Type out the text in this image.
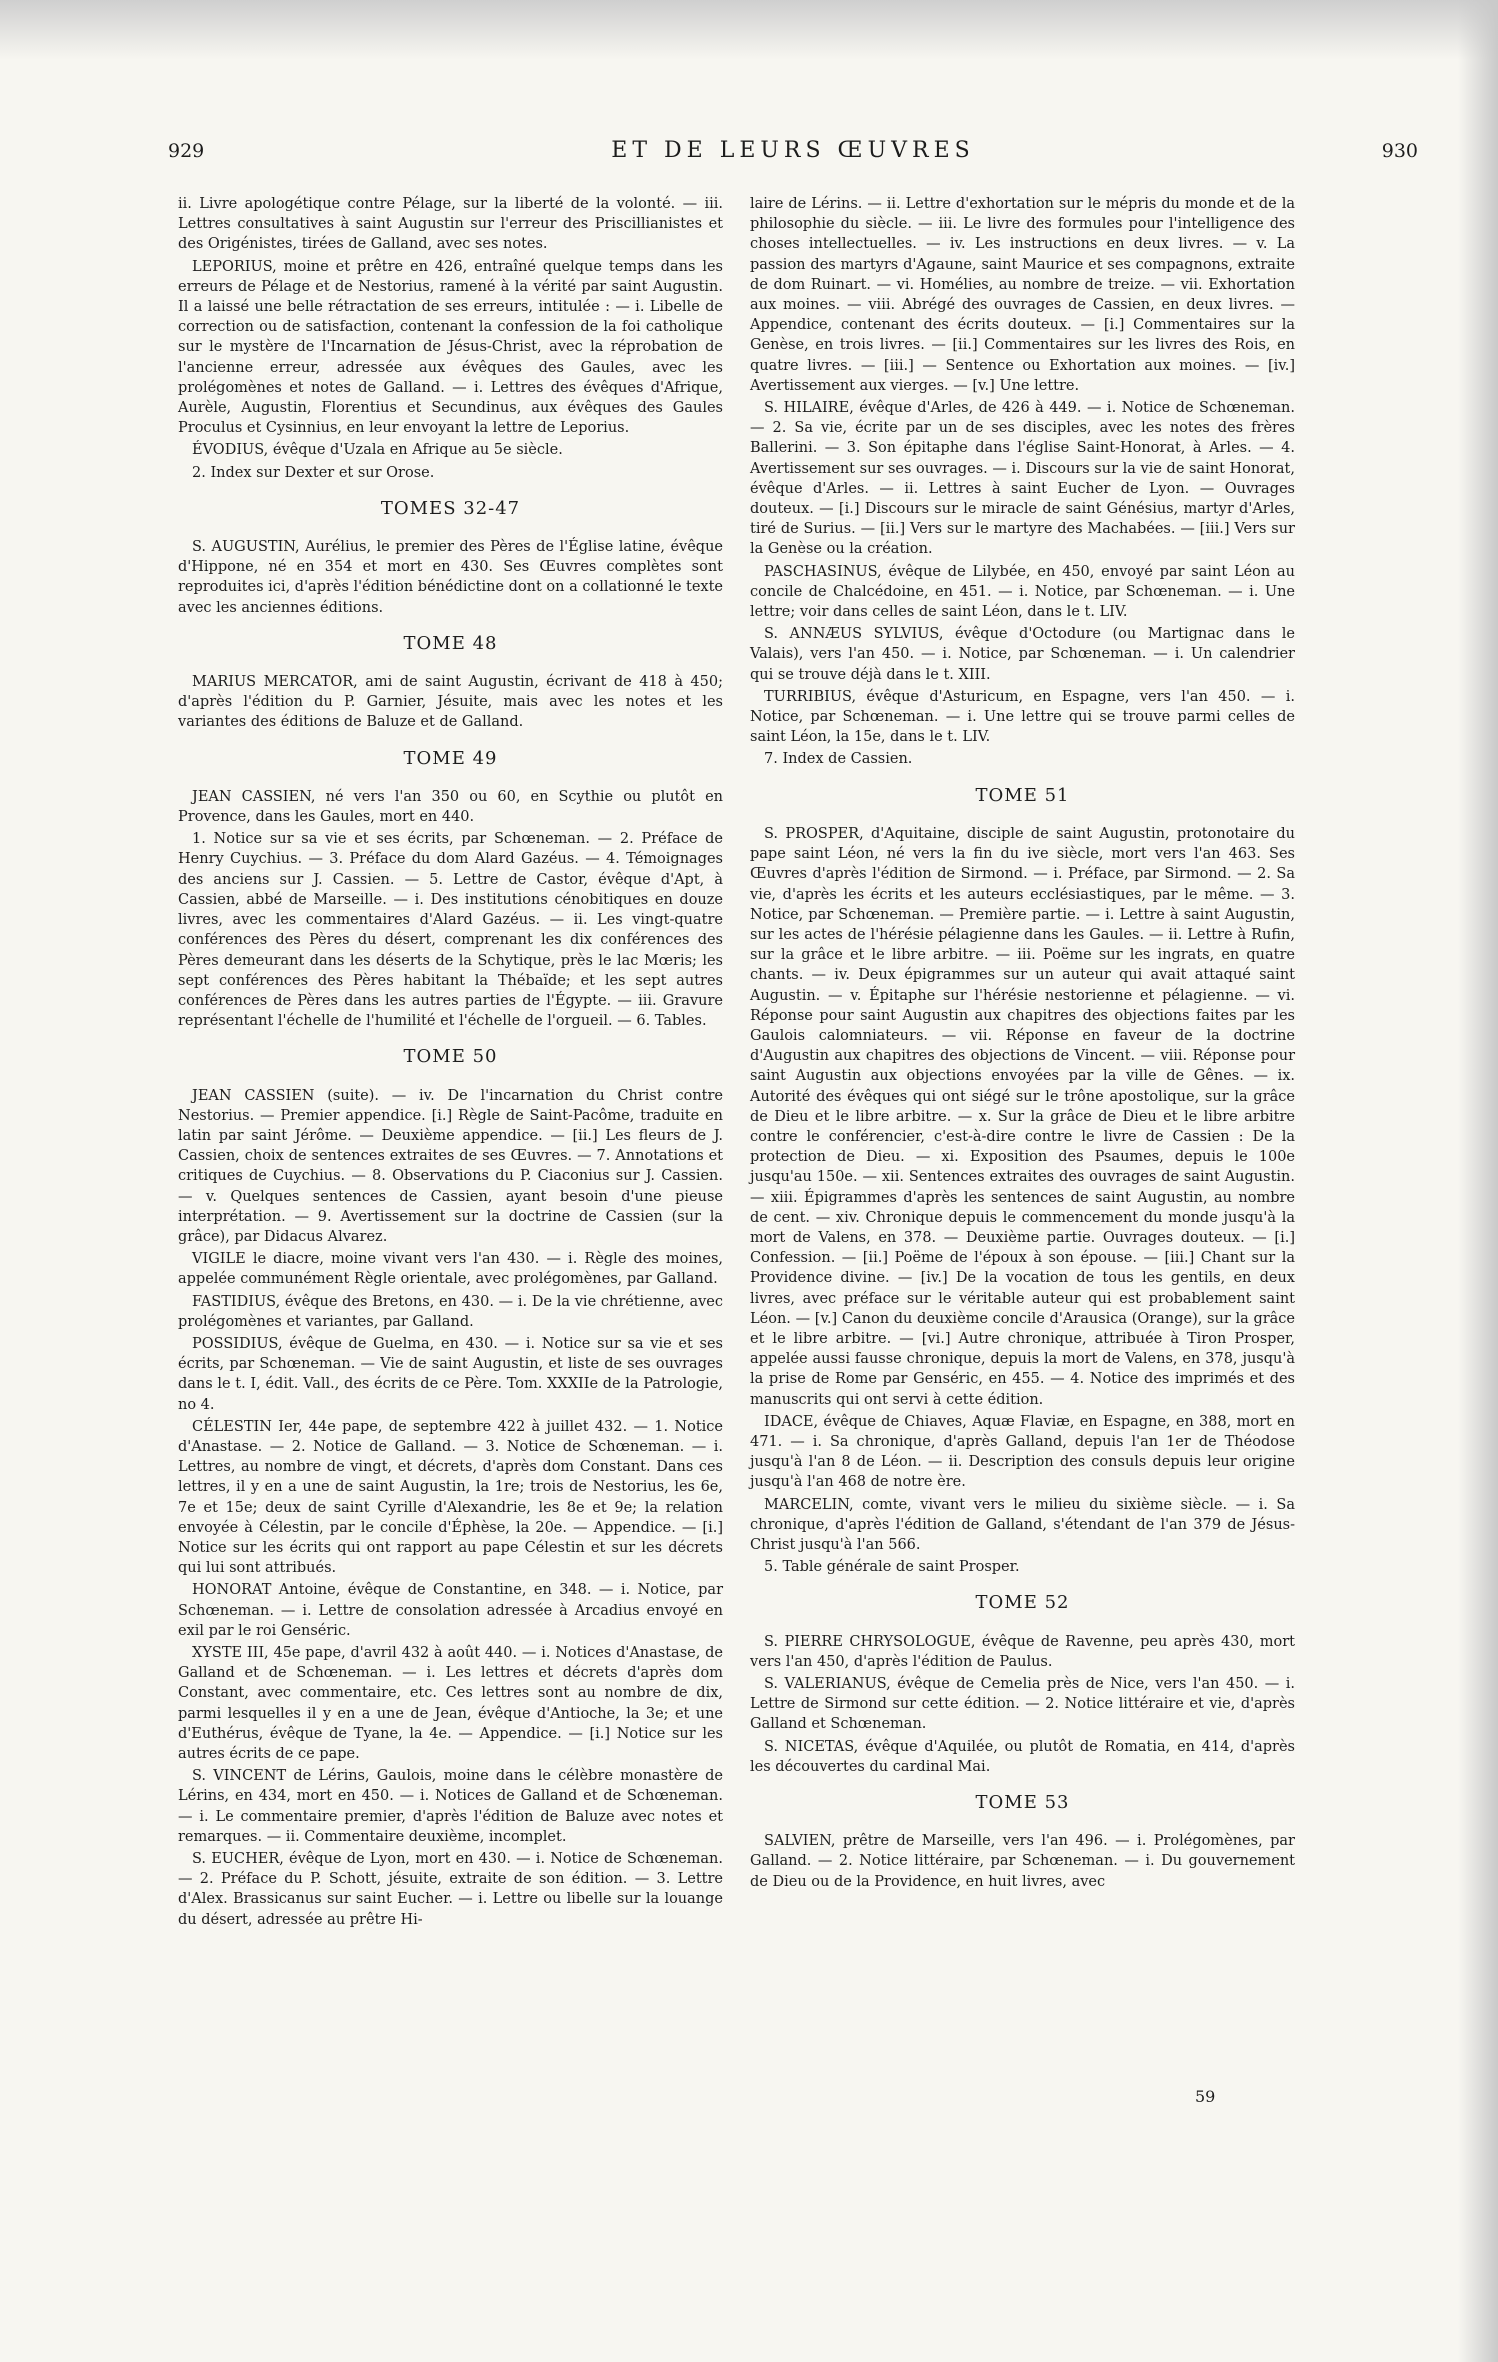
929	ET DE LEURS ŒUVRES	930

ii. Livre apologétique contre Pélage, sur la liberté de la volonté. — iii. Lettres consultatives à saint Augustin sur l'erreur des Priscillianistes et des Origénistes, tirées de Galland, avec ses notes.

LEPORIUS, moine et prêtre en 426, entraîné quelque temps dans les erreurs de Pélage et de Nestorius, ramené à la vérité par saint Augustin. Il a laissé une belle rétractation de ses erreurs, intitulée : — i. Libelle de correction ou de satisfaction, contenant la confession de la foi catholique sur le mystère de l'Incarnation de Jésus-Christ, avec la réprobation de l'ancienne erreur, adressée aux évêques des Gaules, avec les prolégomènes et notes de Galland. — i. Lettres des évêques d'Afrique, Aurèle, Augustin, Florentius et Secundinus, aux évêques des Gaules Proculus et Cysinnius, en leur envoyant la lettre de Leporius.

ÉVODIUS, évêque d'Uzala en Afrique au 5e siècle.

2. Index sur Dexter et sur Orose.

TOMES 32-47

S. AUGUSTIN, Aurélius, le premier des Pères de l'Église latine, évêque d'Hippone, né en 354 et mort en 430. Ses Œuvres complètes sont reproduites ici, d'après l'édition bénédictine dont on a collationné le texte avec les anciennes éditions.

TOME 48

MARIUS MERCATOR, ami de saint Augustin, écrivant de 418 à 450; d'après l'édition du P. Garnier, Jésuite, mais avec les notes et les variantes des éditions de Baluze et de Galland.

TOME 49

JEAN CASSIEN, né vers l'an 350 ou 60, en Scythie ou plutôt en Provence, dans les Gaules, mort en 440.

1. Notice sur sa vie et ses écrits, par Schœneman. — 2. Préface de Henry Cuychius. — 3. Préface du dom Alard Gazéus. — 4. Témoignages des anciens sur J. Cassien. — 5. Lettre de Castor, évêque d'Apt, à Cassien, abbé de Marseille. — i. Des institutions cénobitiques en douze livres, avec les commentaires d'Alard Gazéus. — ii. Les vingt-quatre conférences des Pères du désert, comprenant les dix conférences des Pères demeurant dans les déserts de la Schytique, près le lac Mœris; les sept conférences des Pères habitant la Thébaïde; et les sept autres conférences de Pères dans les autres parties de l'Égypte. — iii. Gravure représentant l'échelle de l'humilité et l'échelle de l'orgueil. — 6. Tables.

TOME 50

JEAN CASSIEN (suite). — iv. De l'incarnation du Christ contre Nestorius. — Premier appendice. [i.] Règle de Saint-Pacôme, traduite en latin par saint Jérôme. — Deuxième appendice. — [ii.] Les fleurs de J. Cassien, choix de sentences extraites de ses Œuvres. — 7. Annotations et critiques de Cuychius. — 8. Observations du P. Ciaconius sur J. Cassien. — v. Quelques sentences de Cassien, ayant besoin d'une pieuse interprétation. — 9. Avertissement sur la doctrine de Cassien (sur la grâce), par Didacus Alvarez.

VIGILE le diacre, moine vivant vers l'an 430. — i. Règle des moines, appelée communément Règle orientale, avec prolégomènes, par Galland.

FASTIDIUS, évêque des Bretons, en 430. — i. De la vie chrétienne, avec prolégomènes et variantes, par Galland.

POSSIDIUS, évêque de Guelma, en 430. — i. Notice sur sa vie et ses écrits, par Schœneman. — Vie de saint Augustin, et liste de ses ouvrages dans le t. I, édit. Vall., des écrits de ce Père. Tom. XXXIIe de la Patrologie, no 4.

CÉLESTIN Ier, 44e pape, de septembre 422 à juillet 432. — 1. Notice d'Anastase. — 2. Notice de Galland. — 3. Notice de Schœneman. — i. Lettres, au nombre de vingt, et décrets, d'après dom Constant. Dans ces lettres, il y en a une de saint Augustin, la 1re; trois de Nestorius, les 6e, 7e et 15e; deux de saint Cyrille d'Alexandrie, les 8e et 9e; la relation envoyée à Célestin, par le concile d'Éphèse, la 20e. — Appendice. — [i.] Notice sur les écrits qui ont rapport au pape Célestin et sur les décrets qui lui sont attribués.

HONORAT Antoine, évêque de Constantine, en 348. — i. Notice, par Schœneman. — i. Lettre de consolation adressée à Arcadius envoyé en exil par le roi Genséric.

XYSTE III, 45e pape, d'avril 432 à août 440. — i. Notices d'Anastase, de Galland et de Schœneman. — i. Les lettres et décrets d'après dom Constant, avec commentaire, etc. Ces lettres sont au nombre de dix, parmi lesquelles il y en a une de Jean, évêque d'Antioche, la 3e; et une d'Euthérus, évêque de Tyane, la 4e. — Appendice. — [i.] Notice sur les autres écrits de ce pape.

S. VINCENT de Lérins, Gaulois, moine dans le célèbre monastère de Lérins, en 434, mort en 450. — i. Notices de Galland et de Schœneman. — i. Le commentaire premier, d'après l'édition de Baluze avec notes et remarques. — ii. Commentaire deuxième, incomplet.

S. EUCHER, évêque de Lyon, mort en 430. — i. Notice de Schœneman. — 2. Préface du P. Schott, jésuite, extraite de son édition. — 3. Lettre d'Alex. Brassicanus sur saint Eucher. — i. Lettre ou libelle sur la louange du désert, adressée au prêtre Hi-

laire de Lérins. — ii. Lettre d'exhortation sur le mépris du monde et de la philosophie du siècle. — iii. Le livre des formules pour l'intelligence des choses intellectuelles. — iv. Les instructions en deux livres. — v. La passion des martyrs d'Agaune, saint Maurice et ses compagnons, extraite de dom Ruinart. — vi. Homélies, au nombre de treize. — vii. Exhortation aux moines. — viii. Abrégé des ouvrages de Cassien, en deux livres. — Appendice, contenant des écrits douteux. — [i.] Commentaires sur la Genèse, en trois livres. — [ii.] Commentaires sur les livres des Rois, en quatre livres. — [iii.] — Sentence ou Exhortation aux moines. — [iv.] Avertissement aux vierges. — [v.] Une lettre.

S. HILAIRE, évêque d'Arles, de 426 à 449. — i. Notice de Schœneman. — 2. Sa vie, écrite par un de ses disciples, avec les notes des frères Ballerini. — 3. Son épitaphe dans l'église Saint-Honorat, à Arles. — 4. Avertissement sur ses ouvrages. — i. Discours sur la vie de saint Honorat, évêque d'Arles. — ii. Lettres à saint Eucher de Lyon. — Ouvrages douteux. — [i.] Discours sur le miracle de saint Génésius, martyr d'Arles, tiré de Surius. — [ii.] Vers sur le martyre des Machabées. — [iii.] Vers sur la Genèse ou la création.

PASCHASINUS, évêque de Lilybée, en 450, envoyé par saint Léon au concile de Chalcédoine, en 451. — i. Notice, par Schœneman. — i. Une lettre; voir dans celles de saint Léon, dans le t. LIV.

S. ANNÆUS SYLVIUS, évêque d'Octodure (ou Martignac dans le Valais), vers l'an 450. — i. Notice, par Schœneman. — i. Un calendrier qui se trouve déjà dans le t. XIII.

TURRIBIUS, évêque d'Asturicum, en Espagne, vers l'an 450. — i. Notice, par Schœneman. — i. Une lettre qui se trouve parmi celles de saint Léon, la 15e, dans le t. LIV.

7. Index de Cassien.

TOME 51

S. PROSPER, d'Aquitaine, disciple de saint Augustin, protonotaire du pape saint Léon, né vers la fin du ive siècle, mort vers l'an 463. Ses Œuvres d'après l'édition de Sirmond. — i. Préface, par Sirmond. — 2. Sa vie, d'après les écrits et les auteurs ecclésiastiques, par le même. — 3. Notice, par Schœneman. — Première partie. — i. Lettre à saint Augustin, sur les actes de l'hérésie pélagienne dans les Gaules. — ii. Lettre à Rufin, sur la grâce et le libre arbitre. — iii. Poëme sur les ingrats, en quatre chants. — iv. Deux épigrammes sur un auteur qui avait attaqué saint Augustin. — v. Épitaphe sur l'hérésie nestorienne et pélagienne. — vi. Réponse pour saint Augustin aux chapitres des objections faites par les Gaulois calomniateurs. — vii. Réponse en faveur de la doctrine d'Augustin aux chapitres des objections de Vincent. — viii. Réponse pour saint Augustin aux objections envoyées par la ville de Gênes. — ix. Autorité des évêques qui ont siégé sur le trône apostolique, sur la grâce de Dieu et le libre arbitre. — x. Sur la grâce de Dieu et le libre arbitre contre le conférencier, c'est-à-dire contre le livre de Cassien : De la protection de Dieu. — xi. Exposition des Psaumes, depuis le 100e jusqu'au 150e. — xii. Sentences extraites des ouvrages de saint Augustin. — xiii. Épigrammes d'après les sentences de saint Augustin, au nombre de cent. — xiv. Chronique depuis le commencement du monde jusqu'à la mort de Valens, en 378. — Deuxième partie. Ouvrages douteux. — [i.] Confession. — [ii.] Poëme de l'époux à son épouse. — [iii.] Chant sur la Providence divine. — [iv.] De la vocation de tous les gentils, en deux livres, avec préface sur le véritable auteur qui est probablement saint Léon. — [v.] Canon du deuxième concile d'Arausica (Orange), sur la grâce et le libre arbitre. — [vi.] Autre chronique, attribuée à Tiron Prosper, appelée aussi fausse chronique, depuis la mort de Valens, en 378, jusqu'à la prise de Rome par Genséric, en 455. — 4. Notice des imprimés et des manuscrits qui ont servi à cette édition.

IDACE, évêque de Chiaves, Aquæ Flaviæ, en Espagne, en 388, mort en 471. — i. Sa chronique, d'après Galland, depuis l'an 1er de Théodose jusqu'à l'an 8 de Léon. — ii. Description des consuls depuis leur origine jusqu'à l'an 468 de notre ère.

MARCELIN, comte, vivant vers le milieu du sixième siècle. — i. Sa chronique, d'après l'édition de Galland, s'étendant de l'an 379 de Jésus-Christ jusqu'à l'an 566.

5. Table générale de saint Prosper.

TOME 52

S. PIERRE CHRYSOLOGUE, évêque de Ravenne, peu après 430, mort vers l'an 450, d'après l'édition de Paulus.

S. VALERIANUS, évêque de Cemelia près de Nice, vers l'an 450. — i. Lettre de Sirmond sur cette édition. — 2. Notice littéraire et vie, d'après Galland et Schœneman.

S. NICETAS, évêque d'Aquilée, ou plutôt de Romatia, en 414, d'après les découvertes du cardinal Mai.

TOME 53

SALVIEN, prêtre de Marseille, vers l'an 496. — i. Prolégomènes, par Galland. — 2. Notice littéraire, par Schœneman. — i. Du gouvernement de Dieu ou de la Providence, en huit livres, avec

59
